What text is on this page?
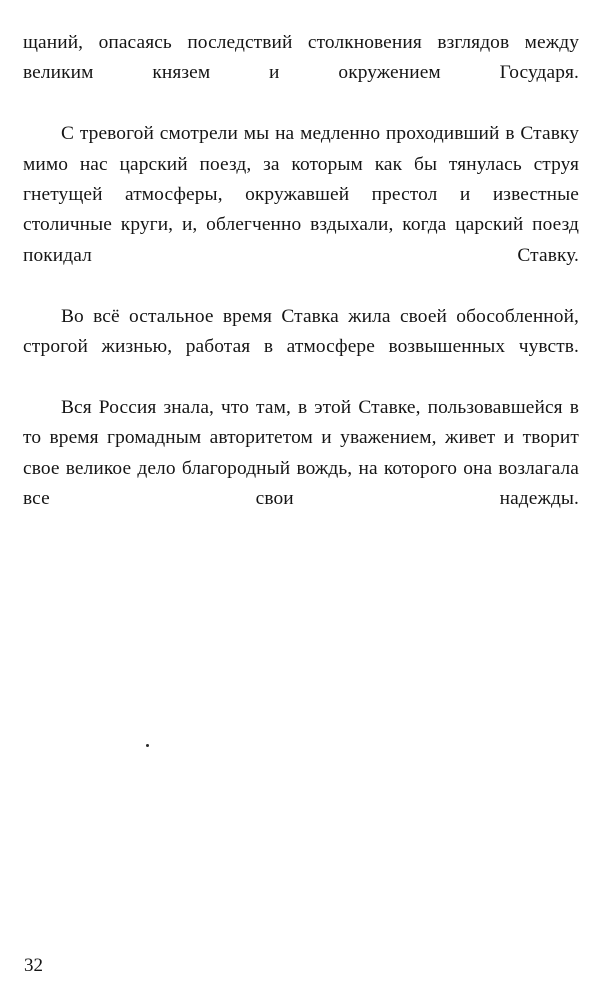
щаний, опасаясь последствий столкновения взглядов между великим князем и окружением Государя.

С тревогой смотрели мы на медленно проходивший в Ставку мимо нас царский поезд, за которым как бы тянулась струя гнетущей атмосферы, окружавшей престол и известные столичные круги, и, облегченно вздыхали, когда царский поезд покидал Ставку.

Во всё остальное время Ставка жила своей обособленной, строгой жизнью, работая в атмосфере возвышенных чувств.

Вся Россия знала, что там, в этой Ставке, пользовавшейся в то время громадным авторитетом и уважением, живет и творит свое великое дело благородный вождь, на которого она возлагала все свои надежды.

32
